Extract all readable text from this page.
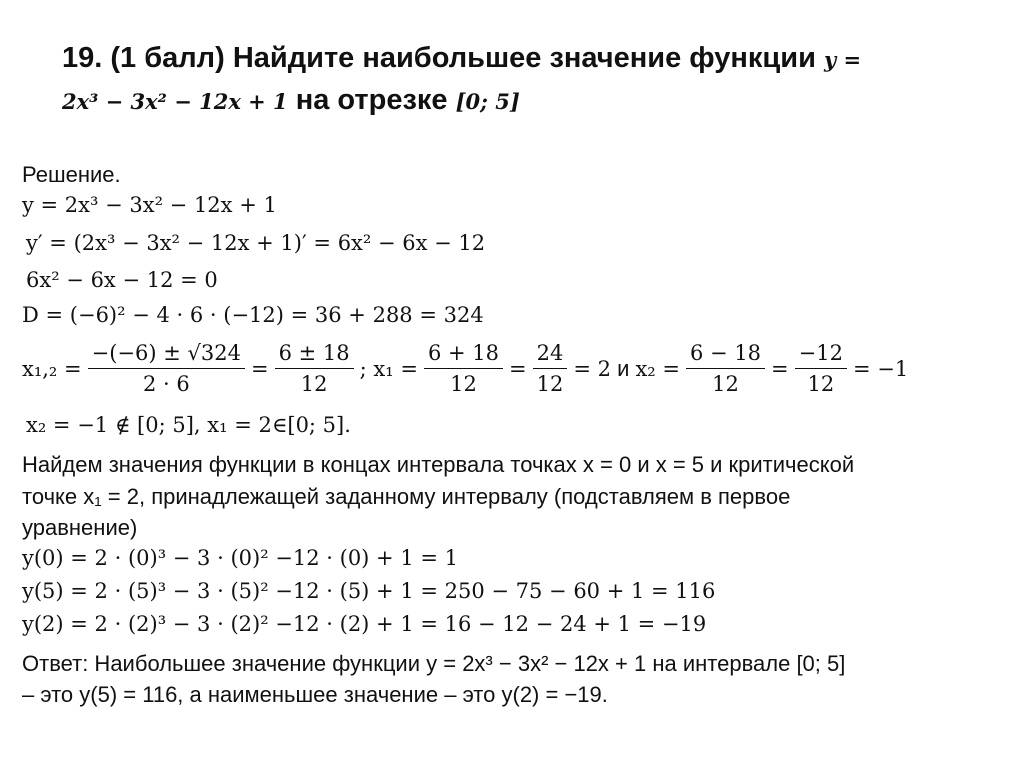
19. (1 балл) Найдите наибольшее значение функции y =
2x³ − 3x² − 12x + 1 на отрезке [0; 5]
Решение.
y = 2x³ − 3x² − 12x + 1
y′ = (2x³ − 3x² − 12x + 1)′ = 6x² − 6x − 12
6x² − 6x − 12 = 0
D = (−6)² − 4 · 6 · (−12) = 36 + 288 = 324
$x_1,_2 = \frac{-(-6) \pm √324}{2 \cdot 6} = \frac{6 \pm 18}{12}$ ; $x_1 = \frac{6 + 18}{12} = \frac{24}{12} = 2$ и $x_2 = \frac{6 - 18}{12} = \frac{-12}{12} = -1$
x₂ = −1 ∉ [0; 5], x₁ = 2∈[0; 5].
Найдем значения функции в концах интервала точках x = 0 и x = 5 и критической
точке x₁ = 2, принадлежащей заданному интервалу (подставляем в первое
уравнение)
y(0) = 2 · (0)³ − 3 · (0)² −12 · (0) + 1 = 1
y(5) = 2 · (5)³ − 3 · (5)² −12 · (5) + 1 = 250 − 75 − 60 + 1 = 116
y(2) = 2 · (2)³ − 3 · (2)² −12 · (2) + 1 = 16 − 12 − 24 + 1 = −19
Ответ: Наибольшее значение функции y = 2x³ − 3x² − 12x + 1 на интервале [0; 5]
– это y(5) = 116, а наименьшее значение – это y(2) = −19.
